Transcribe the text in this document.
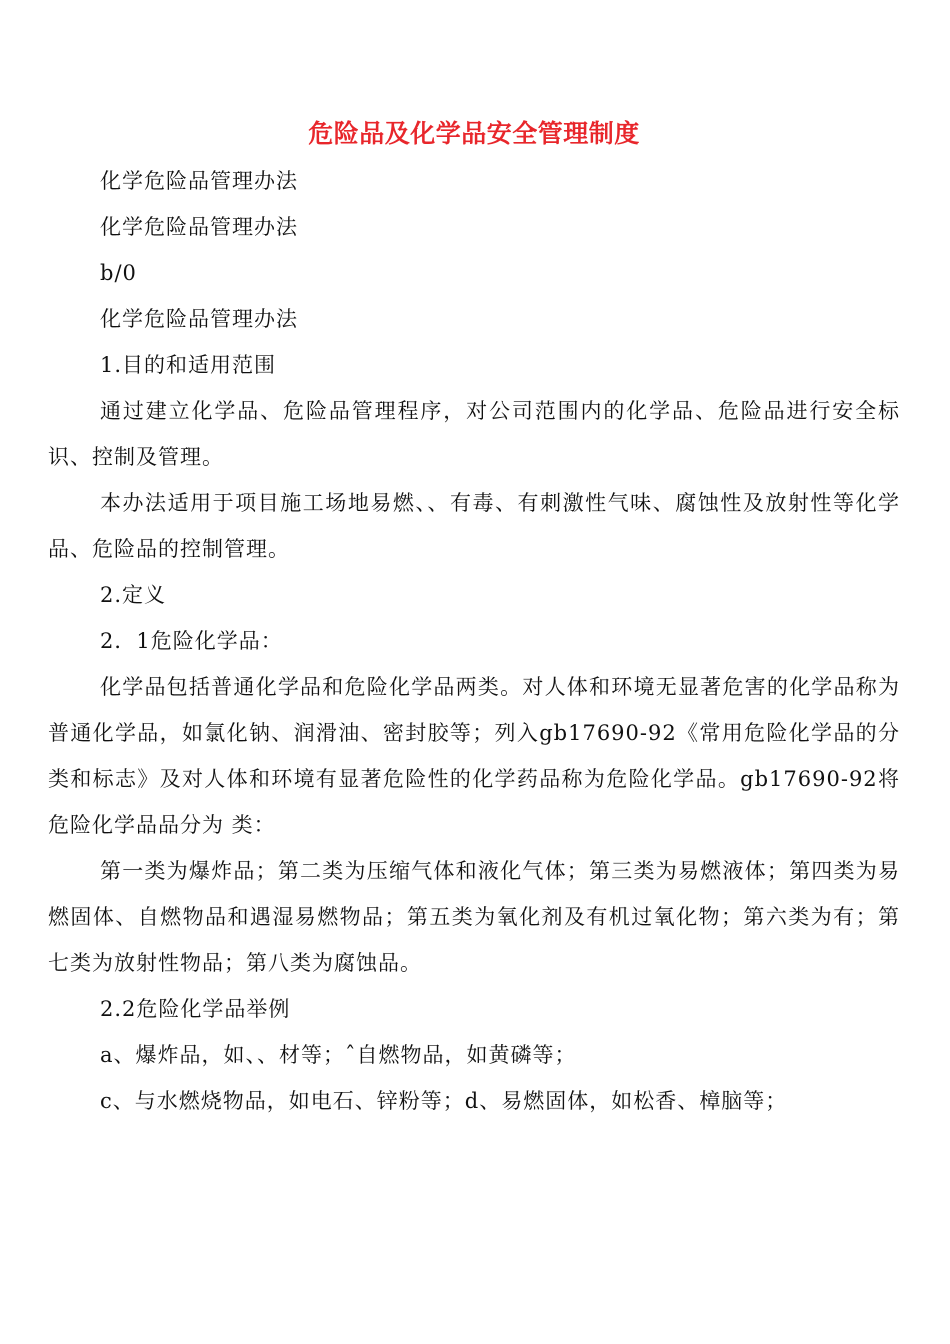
危险品及化学品安全管理制度

化学危险品管理办法

化学危险品管理办法

b/0

化学危险品管理办法

1.目的和适用范围

通过建立化学品、危险品管理程序，对公司范围内的化学品、危险品进行安全标识、控制及管理。

本办法适用于项目施工场地易燃、、有毒、有刺激性气味、腐蚀性及放射性等化学品、危险品的控制管理。

2.定义

2．1危险化学品：

化学品包括普通化学品和危险化学品两类。对人体和环境无显著危害的化学品称为普通化学品，如氯化钠、润滑油、密封胶等；列入gb17690-92《常用危险化学品的分类和标志》及对人体和环境有显著危险性的化学药品称为危险化学品。gb17690-92将危险化学品品分为 类：

第一类为爆炸品；第二类为压缩气体和液化气体；第三类为易燃液体；第四类为易燃固体、自燃物品和遇湿易燃物品；第五类为氧化剂及有机过氧化物；第六类为有；第七类为放射性物品；第八类为腐蚀品。

2.2危险化学品举例

a、爆炸品，如、、材等；ˆ自燃物品，如黄磷等；

c、与水燃烧物品，如电石、锌粉等；d、易燃固体，如松香、樟脑等；
